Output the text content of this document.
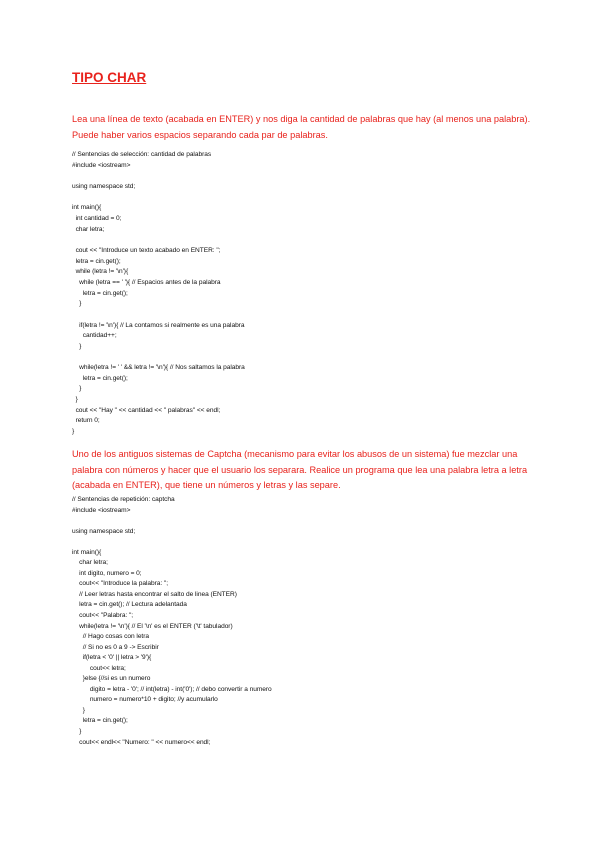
TIPO CHAR

Lea una línea de texto (acabada en ENTER) y nos diga la cantidad de palabras que hay (al menos una palabra). Puede haber varios espacios separando cada par de palabras.

// Sentencias de selección: cantidad de palabras
#include <iostream>

using namespace std;

int main(){
int cantidad = 0;
char letra;

cout << "Introduce un texto acabado en ENTER: ";
letra = cin.get();
while (letra != '\n'){
while (letra == ' '){ // Espacios antes de la palabra
letra = cin.get();
}

if(letra != '\n'){ // La contamos si realmente es una palabra
cantidad++;
}

while(letra != ' ' && letra != '\n'){ // Nos saltamos la palabra
letra = cin.get();
}
}
cout << "Hay " << cantidad << " palabras" << endl;
return 0;
}

Uno de los antiguos sistemas de Captcha (mecanismo para evitar los abusos de un sistema) fue mezclar una palabra con números y hacer que el usuario los separara. Realice un programa que lea una palabra letra a letra (acabada en ENTER), que tiene un números y letras y las separe.

// Sentencias de repetición: captcha
#include <iostream>

using namespace std;

int main(){
char letra;
int digito, numero = 0;
cout<< "Introduce la palabra: ";
// Leer letras hasta encontrar el salto de linea (ENTER)
letra = cin.get(); // Lectura adelantada
cout<< "Palabra: ";
while(letra != '\n'){ // El '\n' es el ENTER ('\t' tabulador)
// Hago cosas con letra
// Si no es 0 a 9 -> Escribir
if(letra < '0' || letra > '9'){
cout<< letra;
}else {//si es un numero
digito = letra - '0'; // int(letra) - int('0'); // debo convertir a numero
numero = numero*10 + digito; //y acumularlo
}
letra = cin.get();
}
cout<< endl<< "Numero: " << numero<< endl;
